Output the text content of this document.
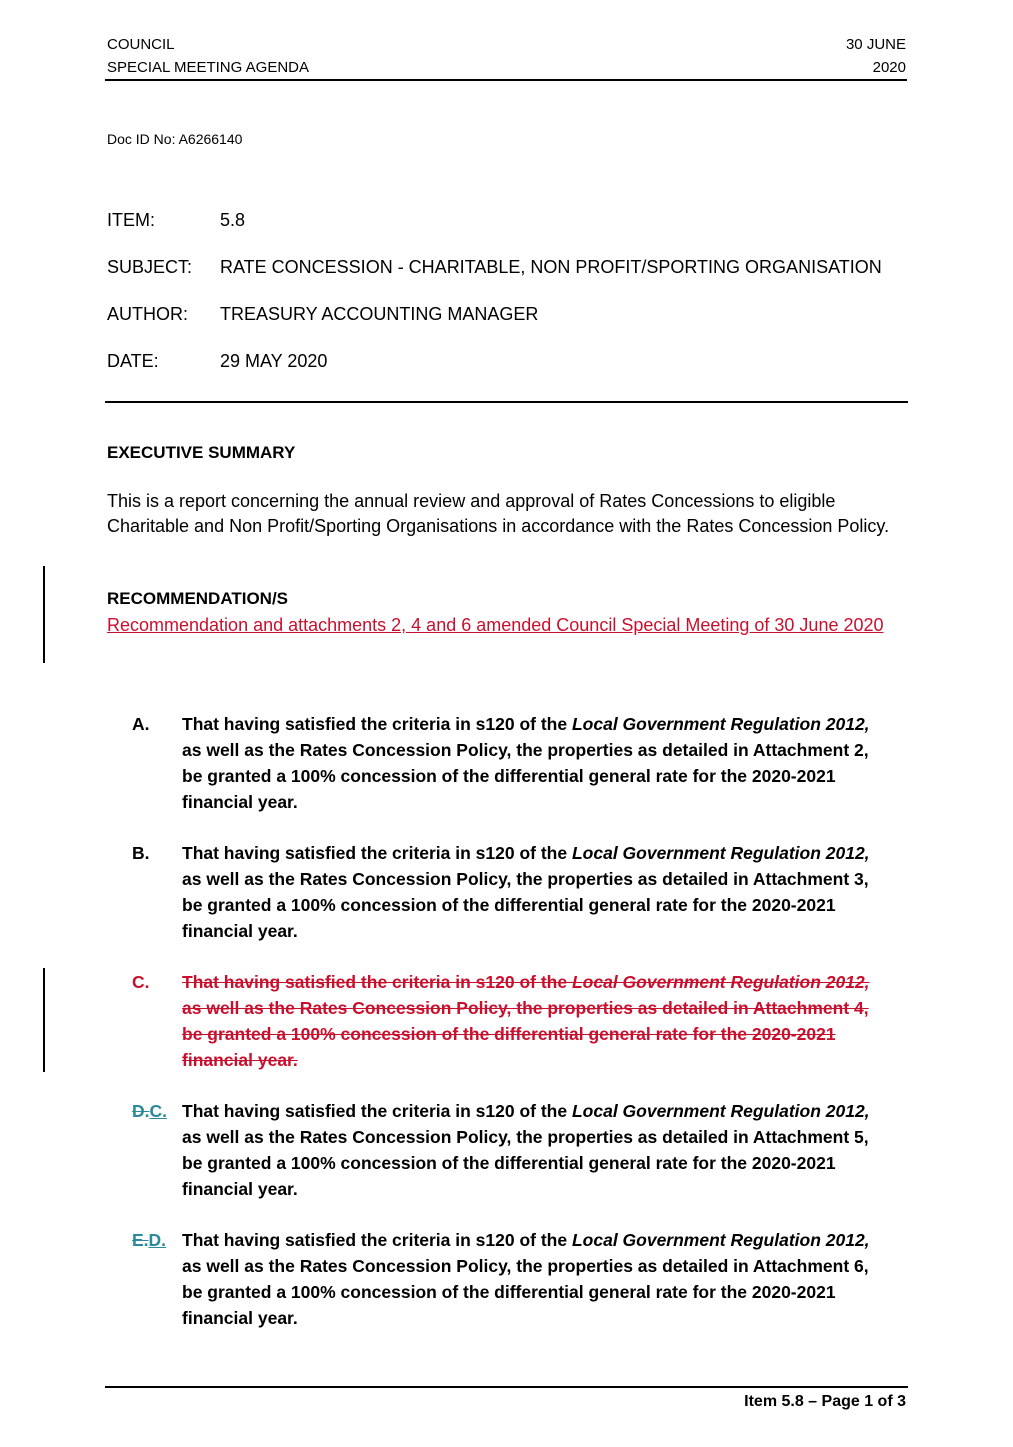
COUNCIL
SPECIAL MEETING AGENDA
30 JUNE
2020
Doc ID No: A6266140
ITEM:	5.8
SUBJECT: RATE CONCESSION - CHARITABLE, NON PROFIT/SPORTING ORGANISATION
AUTHOR: TREASURY ACCOUNTING MANAGER
DATE:	29 MAY 2020
EXECUTIVE SUMMARY
This is a report concerning the annual review and approval of Rates Concessions to eligible Charitable and Non Profit/Sporting Organisations in accordance with the Rates Concession Policy.
RECOMMENDATION/S
Recommendation and attachments 2, 4 and 6 amended Council Special Meeting of 30 June 2020
A. That having satisfied the criteria in s120 of the Local Government Regulation 2012, as well as the Rates Concession Policy, the properties as detailed in Attachment 2, be granted a 100% concession of the differential general rate for the 2020-2021 financial year.
B. That having satisfied the criteria in s120 of the Local Government Regulation 2012, as well as the Rates Concession Policy, the properties as detailed in Attachment 3, be granted a 100% concession of the differential general rate for the 2020-2021 financial year.
C. That having satisfied the criteria in s120 of the Local Government Regulation 2012, as well as the Rates Concession Policy, the properties as detailed in Attachment 4, be granted a 100% concession of the differential general rate for the 2020-2021 financial year.
D.C. That having satisfied the criteria in s120 of the Local Government Regulation 2012, as well as the Rates Concession Policy, the properties as detailed in Attachment 5, be granted a 100% concession of the differential general rate for the 2020-2021 financial year.
E.D. That having satisfied the criteria in s120 of the Local Government Regulation 2012, as well as the Rates Concession Policy, the properties as detailed in Attachment 6, be granted a 100% concession of the differential general rate for the 2020-2021 financial year.
Item 5.8 – Page 1 of 3
